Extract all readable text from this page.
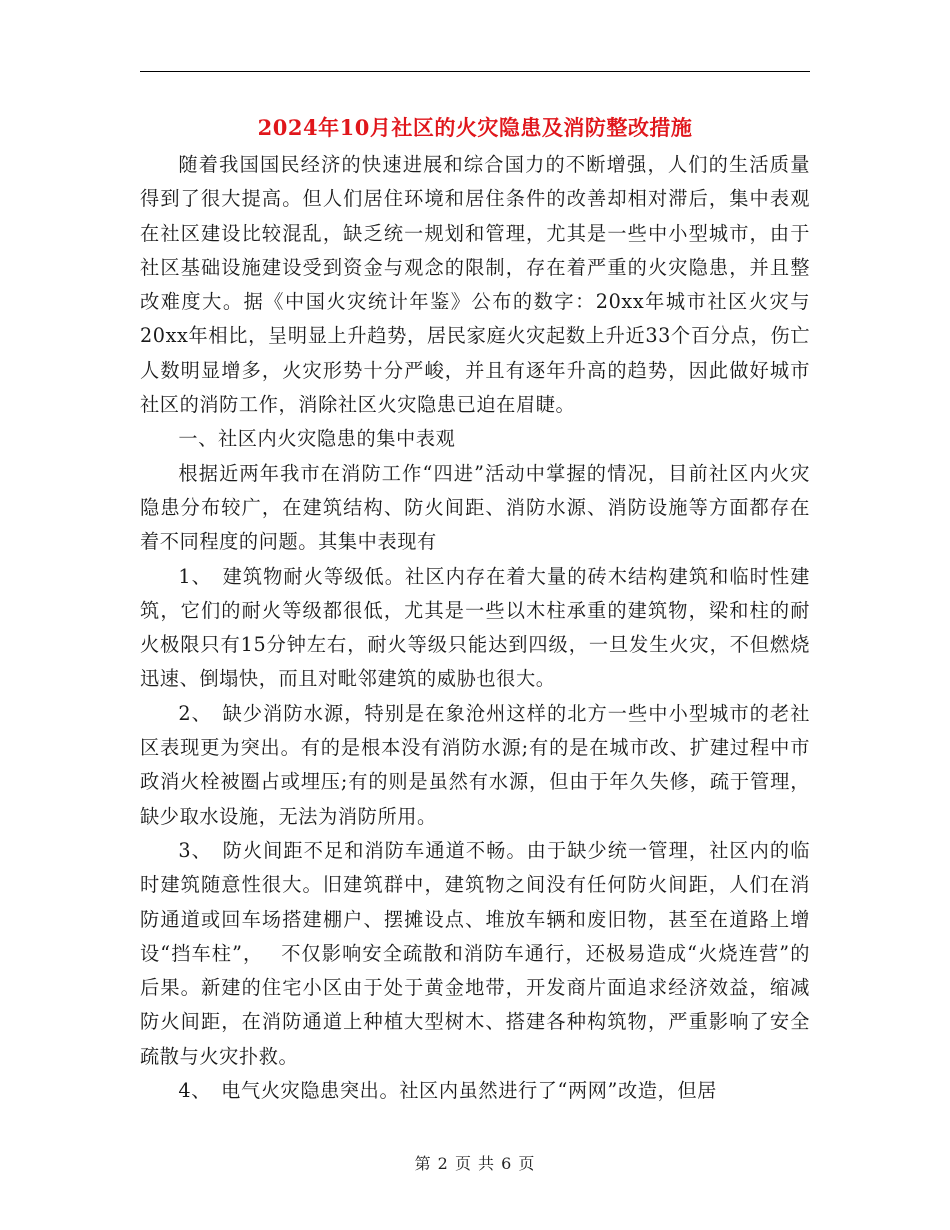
2024年10月社区的火灾隐患及消防整改措施

随着我国国民经济的快速进展和综合国力的不断增强，人们的生活质量得到了很大提高。但人们居住环境和居住条件的改善却相对滞后，集中表观在社区建设比较混乱，缺乏统一规划和管理，尤其是一些中小型城市，由于社区基础设施建设受到资金与观念的限制，存在着严重的火灾隐患，并且整改难度大。据《中国火灾统计年鉴》公布的数字：20xx年城市社区火灾与20xx年相比，呈明显上升趋势，居民家庭火灾起数上升近33个百分点，伤亡人数明显增多，火灾形势十分严峻，并且有逐年升高的趋势，因此做好城市社区的消防工作，消除社区火灾隐患已迫在眉睫。

一、社区内火灾隐患的集中表观

根据近两年我市在消防工作“四进”活动中掌握的情况，目前社区内火灾隐患分布较广，在建筑结构、防火间距、消防水源、消防设施等方面都存在着不同程度的问题。其集中表现有

1、　建筑物耐火等级低。社区内存在着大量的砖木结构建筑和临时性建筑，它们的耐火等级都很低，尤其是一些以木柱承重的建筑物，梁和柱的耐火极限只有15分钟左右，耐火等级只能达到四级，一旦发生火灾，不但燃烧迅速、倒塌快，而且对毗邻建筑的威胁也很大。

2、　缺少消防水源，特别是在象沧州这样的北方一些中小型城市的老社区表现更为突出。有的是根本没有消防水源;有的是在城市改、扩建过程中市政消火栓被圈占或埋压;有的则是虽然有水源，但由于年久失修，疏于管理，缺少取水设施，无法为消防所用。

3、　防火间距不足和消防车通道不畅。由于缺少统一管理，社区内的临时建筑随意性很大。旧建筑群中，建筑物之间没有任何防火间距，人们在消防通道或回车场搭建棚户、摆摊设点、堆放车辆和废旧物，甚至在道路上增设“挡车柱”，　 不仅影响安全疏散和消防车通行，还极易造成“火烧连营”的后果。新建的住宅小区由于处于黄金地带，开发商片面追求经济效益，缩减防火间距，在消防通道上种植大型树木、搭建各种构筑物，严重影响了安全疏散与火灾扑救。

4、　电气火灾隐患突出。社区内虽然进行了“两网”改造，但居

第 2 页 共 6 页
